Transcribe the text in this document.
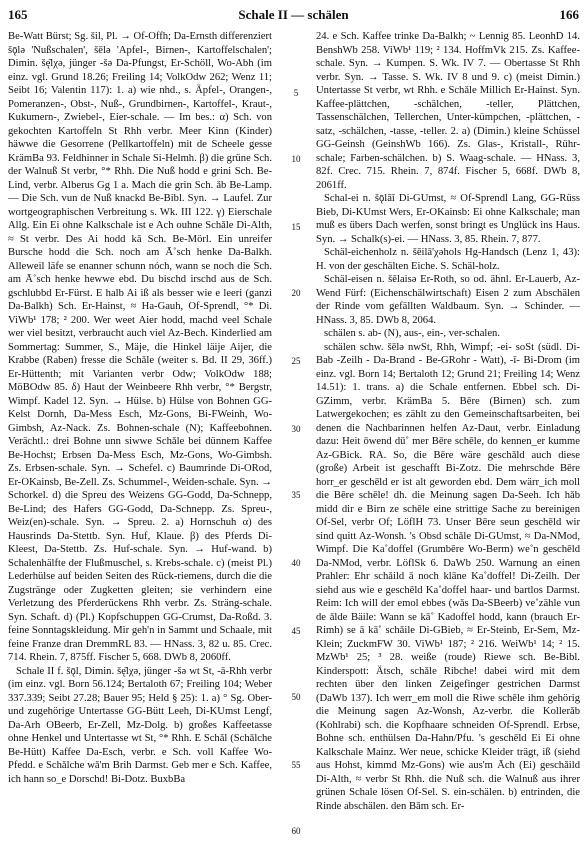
165	Schale II — schälen	166

Be-Watt Bürst; Sg. šil, Pl. → Of-Offh; Da-Ernsth differenziert šǭlə 'Nußschalen', šēlə 'Apfel-, Birnen-, Kartoffelschalen'; Dimin. šę̄lχə, jünger -šə Da-Pfungst, Er-Schöll, Wo-Abh (im einz. vgl. Grund 18.26; Freiling 14; VolkOdw 262; Wenz 11; Seibt 16; Valentin 117): 1. a) wie nhd., s. Äpfel-, Orangen-, Pomeranzen-, Obst-, Nuß-, Grundbirnen-, Kartoffel-, Kraut-, Kukumern-, Zwiebel-, Eier-schale. — Im bes.: α) Sch. von gekochten Kartoffeln St Rhh verbr. Meer Kinn (Kinder) häwwe die Gesorrene (Pellkartoffeln) mit de Scheele gesse KrämBa 93. Feldhinner in Schale Si-Helmh. β) die grüne Sch. der Walnuß St verbr, °* Rhh. Die Nuß hodd e grini Sch. Be-Lind, verbr. Alberus Gg 1 a. Mach die grin Sch. ǎb Be-Lamp. — Die Sch. vun de Nuß knackd Be-Bibl. Syn. → Laufel. Zur wortgeographischen Verbreitung s. Wk. III 122. γ) Eierschale Allg. Ein Ei ohne Kalkschale ist e Ach ouhne Schǎle Di-Alth, ≈ St verbr. Des Ai hodd kā Sch. Be-Mörl. Ein unreifer Bursche hodd die Sch. noch am Ā˚sch henke Da-Balkh. Alleweil läfe se enanner schunn nóch, wann se noch die Sch. am Ā˚sch henke hewwe ebd. Du bischd irschd aus de Sch. gschlubbd Er-Fürst. E halb Ai iß als besser wie e leeri (ganzi Da-Balkh) Sch. Er-Hainst, ≈ Ha-Gauh, Of-Sprendl, °* Di. ViWb¹ 178; ² 200. Wer weet Aier hodd, machd veel Schale wer viel besitzt, verbraucht auch viel Az-Bech. Kinderlied am Sommertag: Summer, S., Mäje, die Hinkel läije Aijer, die Krabbe (Raben) fresse die Schǎle (weiter s. Bd. II 29, 36ff.) Er-Hüttenth; mit Varianten verbr Odw; VolkOdw 188; MöBOdw 85. δ) Haut der Weinbeere Rhh verbr, °* Bergstr, Wimpf. Kadel 12. Syn. → Hülse. b) Hülse von Bohnen GG-Kelst Dornh, Da-Mess Esch, Mz-Gons, Bi-FWeinh, Wo-Gimbsh, Az-Nack. Zs. Bohnen-schale (N); Kaffeebohnen. Verächtl.: drei Bohne unn siwwe Schǎle bei dünnem Kaffee Be-Hochst; Erbsen Da-Mess Esch, Mz-Gons, Wo-Gimbsh. Zs. Erbsen-schale. Syn. → Schefel. c) Baumrinde Di-ORod, Er-OKainsb, Be-Zell. Zs. Schummel-, Weiden-schale. Syn. → Schorkel. d) die Spreu des Weizens GG-Godd, Da-Schnepp, Be-Lind; des Hafers GG-Godd, Da-Schnepp. Zs. Spreu-, Weiz(en)-schale. Syn. → Spreu. 2. a) Hornschuh α) des Hausrinds Da-Stettb. Syn. Huf, Klaue. β) des Pferds Di-Kleest, Da-Stettb. Zs. Huf-schale. Syn. → Huf-wand. b) Schalenhälfte der Flußmuschel, s. Krebs-schale. c) (meist Pl.) Lederhülse auf beiden Seiten des Rück-riemens, durch die die Zugstränge oder Zugketten gleiten; sie verhindern eine Verletzung des Pferderückens Rhh verbr. Zs. Sträng-schale. Syn. Schaft. d) (Pl.) Kopfschuppen GG-Crumst, Da-Roßd. 3. feine Sonntagskleidung. Mir geh'n in Sammt und Schaale, mit feine Franze dran DremmRL 83. — HNass. 3, 82 u. 85. Crec. 714. Rhein. 7, 875ff. Fischer 5, 668. DWb 8, 2060ff.

Schale II f. šǭl, Dimin. šę̄lχə, jünger -šə wt St, -ā-Rhh verbr (im einz. vgl. Born 56.124; Bertaloth 67; Freiling 104; Weber 337.339; Seibt 27.28; Bauer 95; Held § 25): 1. a) ° Sg. Ober- und zugehörige Untertasse GG-Bütt Leeh, Di-KUmst Lengf, Da-Arh OBeerb, Er-Zell, Mz-Dolg. b) großes Kaffeetasse ohne Henkel und Untertasse wt St, °* Rhh. E Schǎl (Schǎlche Be-Hütt) Kaffee Da-Esch, verbr. e Sch. voll Kaffee Wo-Pfedd. e Schǎlche wǎ'm Brih Darmst. Geb mer e Sch. Kaffee, ich hann so_e Dorschd! Bi-Dotz. BuxbBa

5
10
15
20
25
30
35
40
45
50
55
60

24. e Sch. Kaffee trinke Da-Balkh; ~ Lennig 85. LeonhD 14. BenshWb 258. ViWb¹ 119; ² 134. HoffmVk 215. Zs. Kaffee-schale. Syn. → Kumpen. S. Wk. IV 7. — Obertasse St Rhh verbr. Syn. → Tasse. S. Wk. IV 8 und 9. c) (meist Dimin.) Untertasse St verbr, wt Rhh. e Schǎle Millich Er-Hainst. Syn. Kaffee-plättchen, -schälchen, -teller, Plättchen, Tassenschälchen, Tellerchen, Unter-kümpchen, -plättchen, -satz, -schälchen, -tasse, -teller. 2. a) (Dimin.) kleine Schüssel GG-Geinsh (GeinshWb 166). Zs. Glas-, Kristall-, Rühr-schale; Farben-schälchen. b) S. Waag-schale. — HNass. 3, 82f. Crec. 715. Rhein. 7, 874f. Fischer 5, 668f. DWb 8, 2061ff.

Schal-ei n. šǭlāī Di-GUmst, ≈ Of-Sprendl Lang, GG-Rüss Bieb, Di-KUmst Wers, Er-OKainsb: Ei ohne Kalkschale; man muß es übers Dach werfen, sonst bringt es Unglück ins Haus. Syn. → Schalk(s)-ei. — HNass. 3, 85. Rhein. 7, 877.

Schäl-eichenholz n. šēilā'χəhols Hg-Handsch (Lenz 1, 43): H. von der geschälten Eiche. S. Schäl-holz.

Schäl-eisen n. šēlaisə Er-Roth, so od. ähnl. Er-Lauerb, Az-Wend Fürf: (Eichenschälwirtschaft) Eisen 2 zum Abschälen der Rinde vom gefällten Waldbaum. Syn. → Schinder. — HNass. 3, 85. DWb 8, 2064.

schälen s. ab- (N), aus-, ein-, ver-schalen.

schälen schw. šēlə nwSt, Rhh, Wimpf; -ei- soSt (südl. Di-Bab -Zeilh - Da-Brand - Be-GRohr - Watt), -ī- Bi-Drom (im einz. vgl. Born 14; Bertaloth 12; Grund 21; Freiling 14; Wenz 14.51): 1. trans. a) die Schale entfernen. Ebbel sch. Di-GZimm, verbr. KrämBa 5. Bēre (Birnen) sch. zum Latwergekochen; es zählt zu den Gemeinschaftsarbeiten, bei denen die Nachbarinnen helfen Az-Daut, verbr. Einladung dazu: Heit ōwend dū˚ mer Bēre schēle, do kennen_er kumme Az-GBick. RA. So, die Bēre wäre geschǎld auch diese (große) Arbeit ist geschafft Bi-Zotz. Die mehrschde Bēre horr_er geschēld er ist alt geworden ebd. Dem wärr_ich moll die Bēre schēle! dh. die Meinung sagen Da-Seeh. Ich hǎb midd dir e Birn ze schēle eine strittige Sache zu bereinigen Of-Sel, verbr Of; LöflH 73. Unser Bēre seun geschēld wir sind quitt Az-Wonsh. 's Obsd schǎle Di-GUmst, ≈ Da-NMod, Wimpf. Die Ka˚doffel (Grumbēre Wo-Berm) we˚n geschēld Da-NMod, verbr. LöflSk 6. DaWb 250. Warnung an einen Prahler: Ehr schǎild ā noch klāne Ka˚doffel! Di-Zeilh. Der siehd aus wie e geschēld Ka˚doffel haar- und bartlos Darmst. Reim: Ich will der emol ebbes (wǎs Da-SBeerb) ve˚zähle vun de ǎlde Bäile: Wann se kā˚ Kadoffel hodd, kann (brauch Er-Rimh) se ā kā˚ schǎile Di-GBieb, ≈ Er-Steinb, Er-Sem, Mz-Klein; ZuckmFW 30. ViWb¹ 187; ² 216. WeiWb¹ 14; ² 15. MzWb¹ 25; ³ 28. weiße (roude) Riewe sch. Be-Bibl. Kinderspott: Ätsch, schǎle Ribche! dabei wird mit dem rechten über den linken Zeigefinger gestrichen Darmst (DaWb 137). Ich werr_em moll die Riwe schēle ihm gehörig die Meinung sagen Az-Wonsh, Az-verbr. die Kollerǎb (Kohlrabi) sch. die Kopfhaare schneiden Of-Sprendl. Erbse, Bohne sch. enthülsen Da-Hahn/Pfu. 's geschēld Ei Ei ohne Kalkschale Mainz. Wer neue, schicke Kleider trägt, iß (siehd aus Hohst, kimmd Mz-Gons) wie aus'm Āch (Ei) geschǎild Di-Alth, ≈ verbr St Rhh. die Nuß sch. die Walnuß aus ihrer grünen Schale lösen Of-Sel. S. ein-schälen. b) entrinden, die Rinde abschälen. den Bām sch. Er-
